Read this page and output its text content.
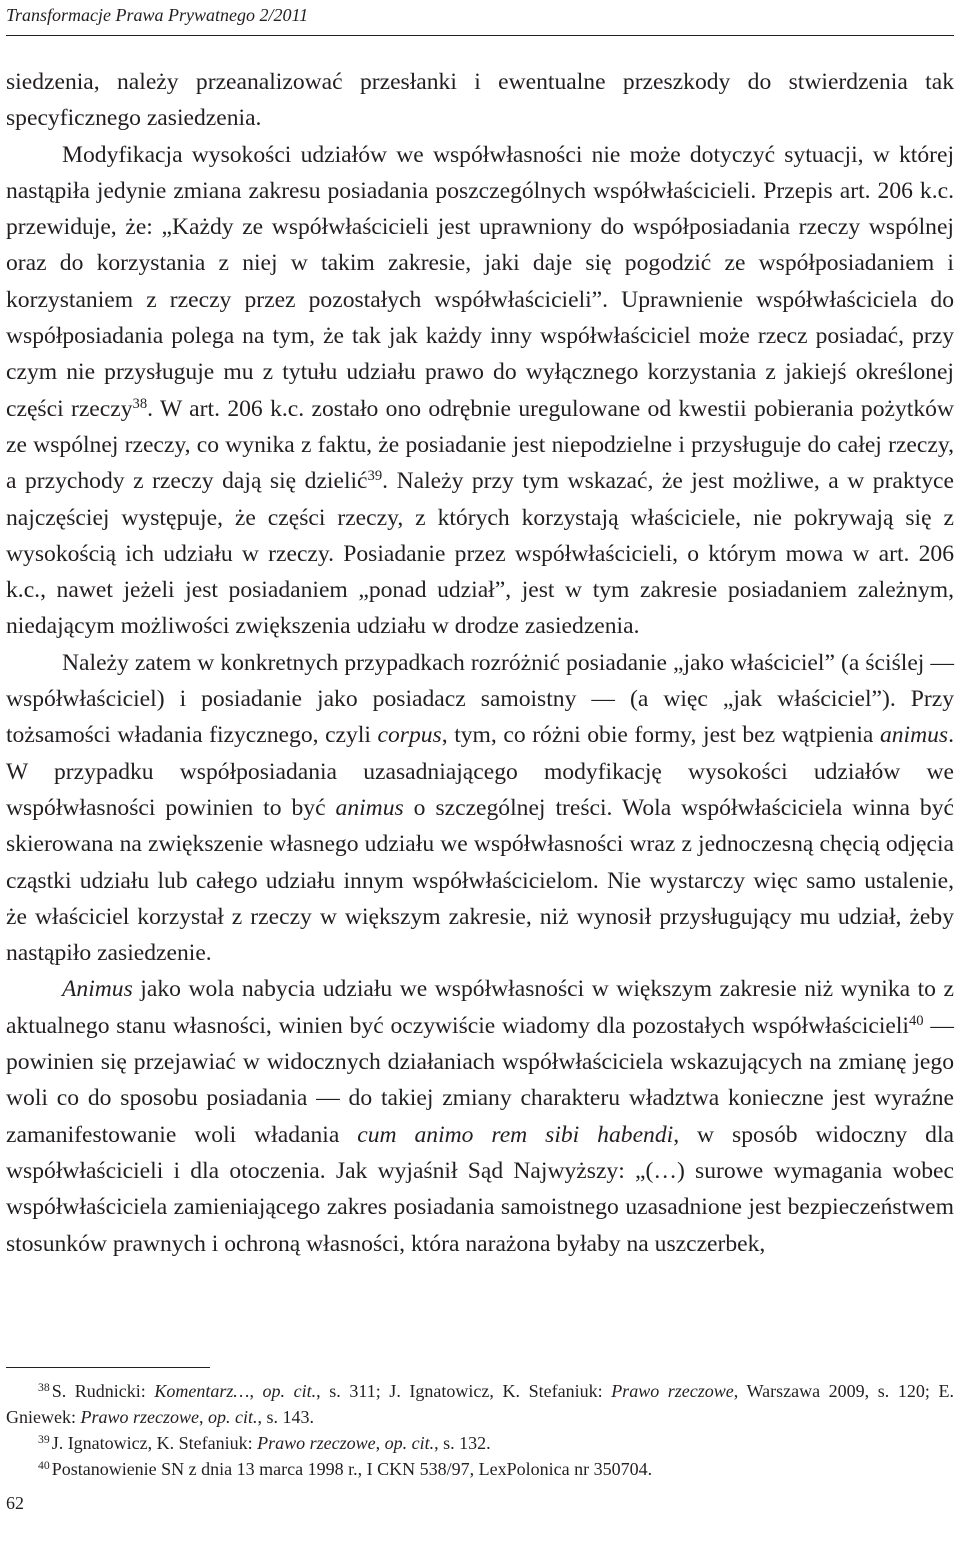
Transformacje Prawa Prywatnego 2/2011

siedzenia, należy przeanalizować przesłanki i ewentualne przeszkody do stwierdzenia tak specyficznego zasiedzenia.

Modyfikacja wysokości udziałów we współwłasności nie może dotyczyć sytuacji, w której nastąpiła jedynie zmiana zakresu posiadania poszczególnych współwłaścicieli. Przepis art. 206 k.c. przewiduje, że: „Każdy ze współwłaścicieli jest uprawniony do współposiadania rzeczy wspólnej oraz do korzystania z niej w takim zakresie, jaki daje się pogodzić ze współposiadaniem i korzystaniem z rzeczy przez pozostałych współwłaścicieli”. Uprawnienie współwłaściciela do współposiadania polega na tym, że tak jak każdy inny współwłaściciel może rzecz posiadać, przy czym nie przysługuje mu z tytułu udziału prawo do wyłącznego korzystania z jakiejś określonej części rzeczy$^{38}$. W art. 206 k.c. zostało ono odrębnie uregulowane od kwestii pobierania pożytków ze wspólnej rzeczy, co wynika z faktu, że posiadanie jest niepodzielne i przysługuje do całej rzeczy, a przychody z rzeczy dają się dzielić$^{39}$. Należy przy tym wskazać, że jest możliwe, a w praktyce najczęściej występuje, że części rzeczy, z których korzystają właściciele, nie pokrywają się z wysokością ich udziału w rzeczy. Posiadanie przez współwłaścicieli, o którym mowa w art. 206 k.c., nawet jeżeli jest posiadaniem „ponad udział”, jest w tym zakresie posiadaniem zależnym, niedającym możliwości zwiększenia udziału w drodze zasiedzenia.

Należy zatem w konkretnych przypadkach rozróżnić posiadanie „jako właściciel” (a ściślej — współwłaściciel) i posiadanie jako posiadacz samoistny — (a więc „jak właściciel”). Przy tożsamości władania fizycznego, czyli corpus, tym, co różni obie formy, jest bez wątpienia animus. W przypadku współposiadania uzasadniającego modyfikację wysokości udziałów we współwłasności powinien to być animus o szczególnej treści. Wola współwłaściciela winna być skierowana na zwiększenie własnego udziału we współwłasności wraz z jednoczesną chęcią odjęcia cząstki udziału lub całego udziału innym współwłaścicielom. Nie wystarczy więc samo ustalenie, że właściciel korzystał z rzeczy w większym zakresie, niż wynosił przysługujący mu udział, żeby nastąpiło zasiedzenie.

Animus jako wola nabycia udziału we współwłasności w większym zakresie niż wynika to z aktualnego stanu własności, winien być oczywiście wiadomy dla pozostałych współwłaścicieli$^{40}$ — powinien się przejawiać w widocznych działaniach współwłaściciela wskazujących na zmianę jego woli co do sposobu posiadania — do takiej zmiany charakteru władztwa konieczne jest wyraźne zamanifestowanie woli władania cum animo rem sibi habendi, w sposób widoczny dla współwłaścicieli i dla otoczenia. Jak wyjaśnił Sąd Najwyższy: „(…) surowe wymagania wobec współwłaściciela zamieniającego zakres posiadania samoistnego uzasadnione jest bezpieczeństwem stosunków prawnych i ochroną własności, która narażona byłaby na uszczerbek,

$^{38}$ S. Rudnicki: Komentarz…, op. cit., s. 311; J. Ignatowicz, K. Stefaniuk: Prawo rzeczowe, Warszawa 2009, s. 120; E. Gniewek: Prawo rzeczowe, op. cit., s. 143.

$^{39}$ J. Ignatowicz, K. Stefaniuk: Prawo rzeczowe, op. cit., s. 132.

$^{40}$ Postanowienie SN z dnia 13 marca 1998 r., I CKN 538/97, LexPolonica nr 350704.

62
